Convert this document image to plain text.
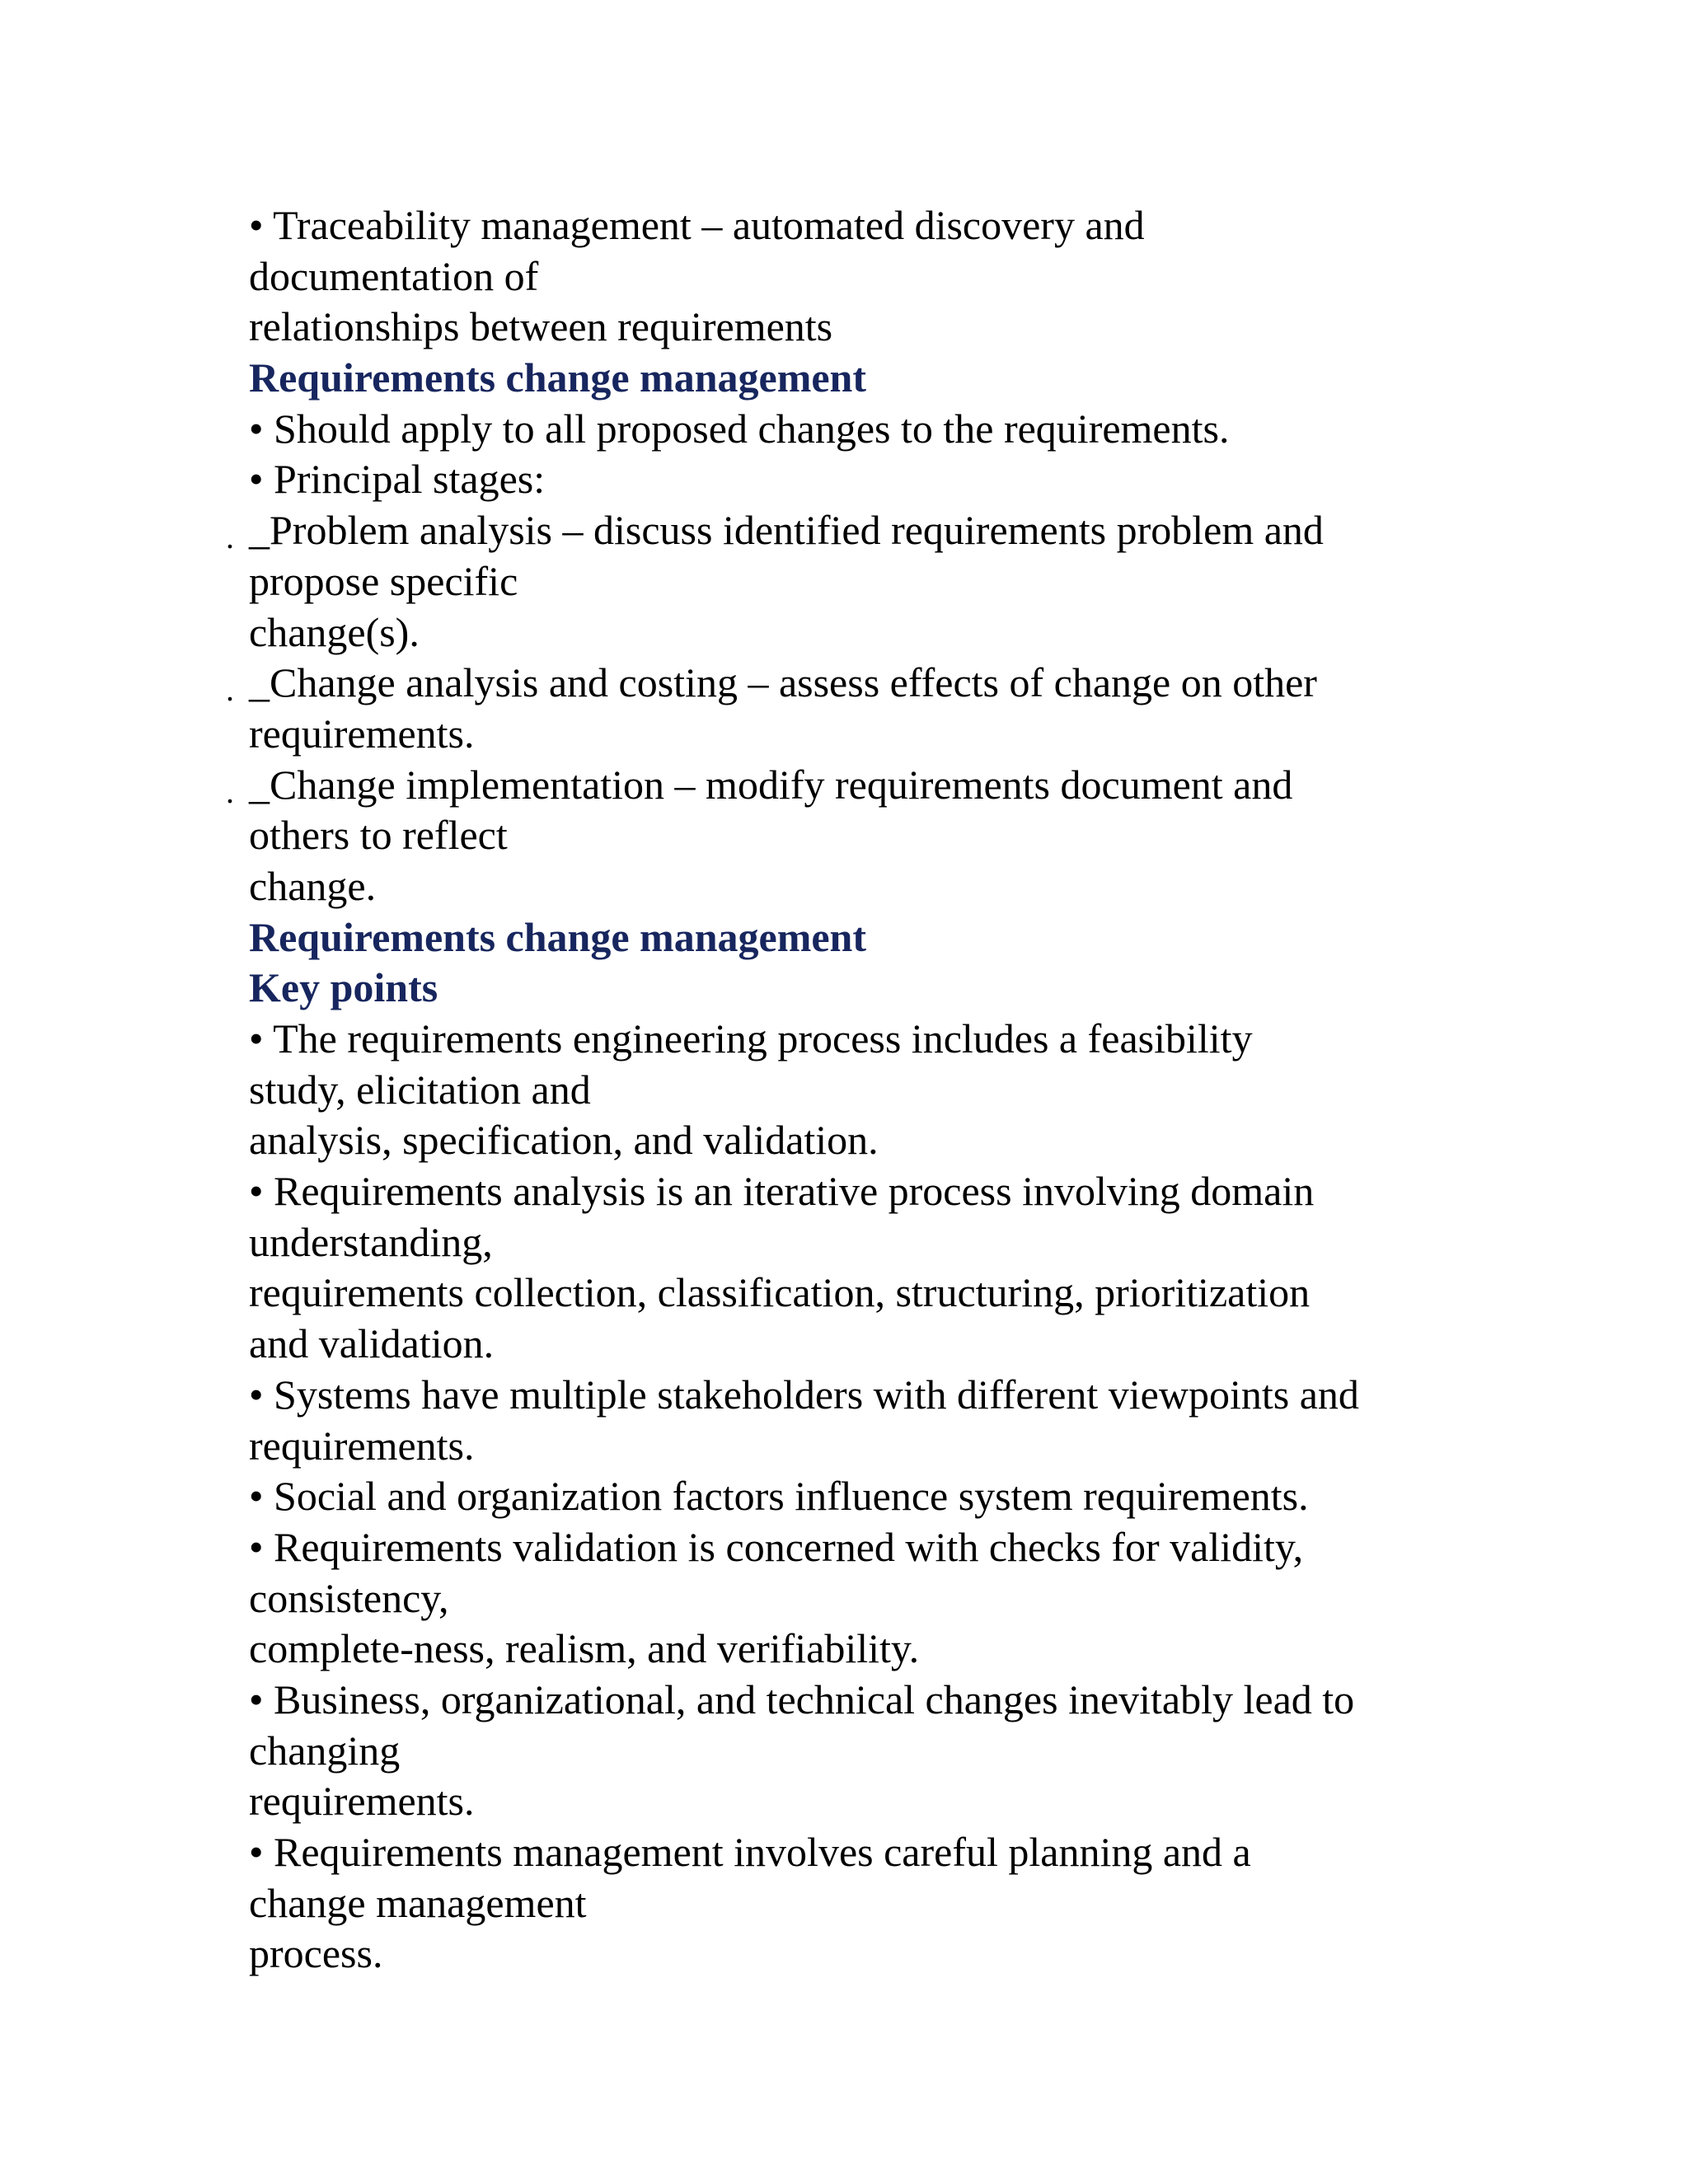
• Traceability management – automated discovery and
documentation of
relationships between requirements
Requirements change management
• Should apply to all proposed changes to the requirements.
• Principal stages:
. _Problem analysis – discuss identified requirements problem and
propose specific
change(s).
. _Change analysis and costing – assess effects of change on other
requirements.
. _Change implementation – modify requirements document and
others to reflect
change.
Requirements change management
Key points
• The requirements engineering process includes a feasibility
study, elicitation and
analysis, specification, and validation.
• Requirements analysis is an iterative process involving domain
understanding,
requirements collection, classification, structuring, prioritization
and validation.
• Systems have multiple stakeholders with different viewpoints and
requirements.
• Social and organization factors influence system requirements.
• Requirements validation is concerned with checks for validity,
consistency,
complete-ness, realism, and verifiability.
• Business, organizational, and technical changes inevitably lead to
changing
requirements.
• Requirements management involves careful planning and a
change management
process.
